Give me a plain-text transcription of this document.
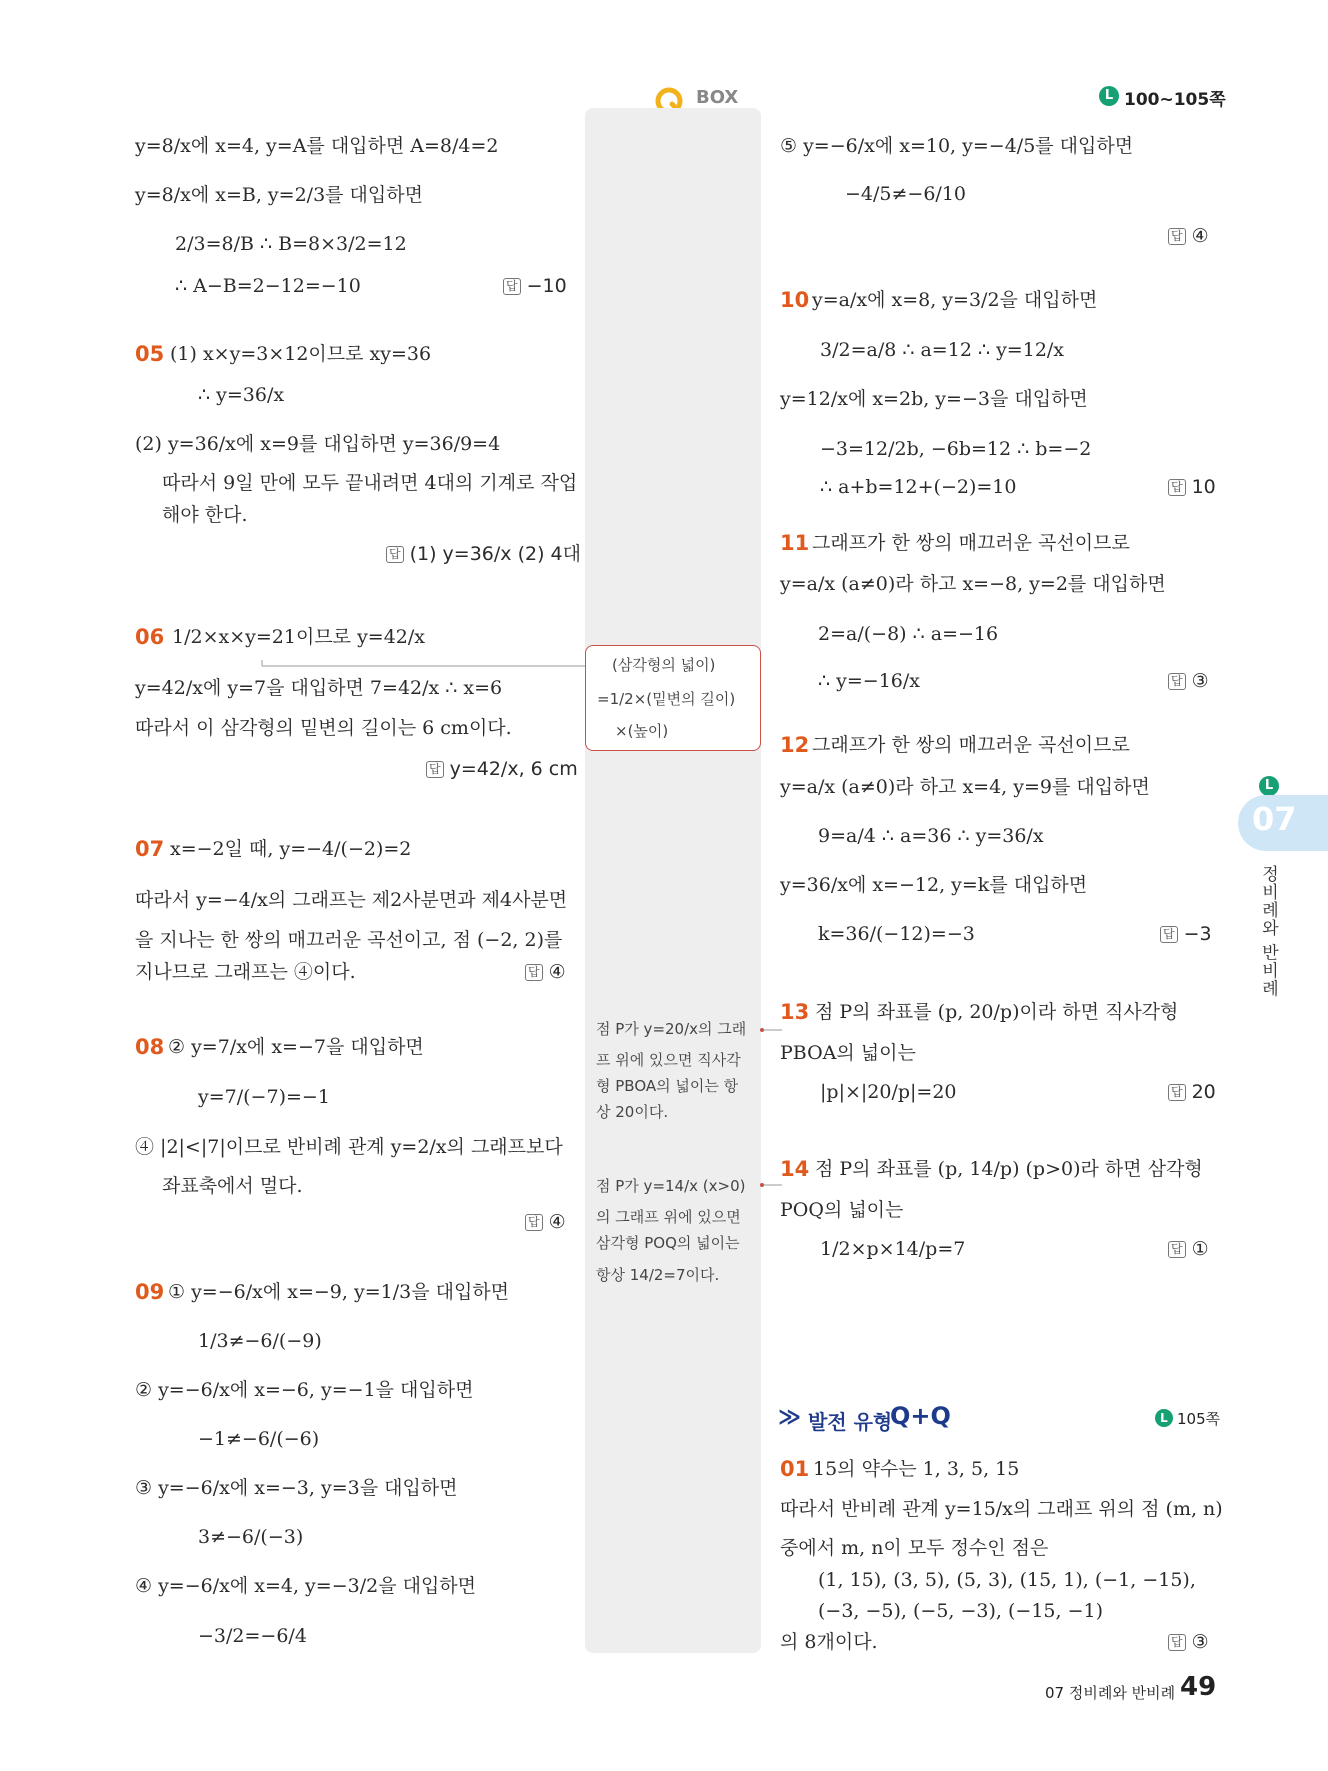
BOX	L 100~105쪽
(삼각형의 넓이)
=1/2×(밑변의 길이)
×(높이)
점 P가 y=20/x의 그래
프 위에 있으면 직사각
형 PBOA의 넓이는 항
상 20이다.
점 P가 y=14/x (x>0)
의 그래프 위에 있으면
삼각형 POQ의 넓이는
항상 14/2=7이다.
y=8/x에 x=4, y=A를 대입하면 A=8/4=2
y=8/x에 x=B, y=2/3를 대입하면
2/3=8/B ∴ B=8×3/2=12
∴ A−B=2−12=−10	답 −10
05 (1) x×y=3×12이므로 xy=36
∴ y=36/x
(2) y=36/x에 x=9를 대입하면 y=36/9=4
따라서 9일 만에 모두 끝내려면 4대의 기계로 작업
해야 한다.
답 (1) y=36/x (2) 4대
06 1/2×x×y=21이므로 y=42/x
y=42/x에 y=7을 대입하면 7=42/x ∴ x=6
따라서 이 삼각형의 밑변의 길이는 6 cm이다.
답 y=42/x, 6 cm
07 x=−2일 때, y=−4/(−2)=2
따라서 y=−4/x의 그래프는 제2사분면과 제4사분면
을 지나는 한 쌍의 매끄러운 곡선이고, 점 (−2, 2)를
지나므로 그래프는 ④이다.	답 ④
08 ② y=7/x에 x=−7을 대입하면
y=7/(−7)=−1
④ |2|<|7|이므로 반비례 관계 y=2/x의 그래프보다
좌표축에서 멀다.
답 ④
09 ① y=−6/x에 x=−9, y=1/3을 대입하면
1/3≠−6/(−9)
② y=−6/x에 x=−6, y=−1을 대입하면
−1≠−6/(−6)
③ y=−6/x에 x=−3, y=3을 대입하면
3≠−6/(−3)
④ y=−6/x에 x=4, y=−3/2을 대입하면
−3/2=−6/4
⑤ y=−6/x에 x=10, y=−4/5를 대입하면
−4/5≠−6/10
답 ④
10 y=a/x에 x=8, y=3/2을 대입하면
3/2=a/8 ∴ a=12 ∴ y=12/x
y=12/x에 x=2b, y=−3을 대입하면
−3=12/2b, −6b=12 ∴ b=−2
∴ a+b=12+(−2)=10	답 10
11 그래프가 한 쌍의 매끄러운 곡선이므로
y=a/x (a≠0)라 하고 x=−8, y=2를 대입하면
2=a/(−8) ∴ a=−16
∴ y=−16/x	답 ③
12 그래프가 한 쌍의 매끄러운 곡선이므로
y=a/x (a≠0)라 하고 x=4, y=9를 대입하면
9=a/4 ∴ a=36 ∴ y=36/x
y=36/x에 x=−12, y=k를 대입하면
k=36/(−12)=−3	답 −3
13 점 P의 좌표를 (p, 20/p)이라 하면 직사각형
PBOA의 넓이는
|p|×|20/p|=20	답 20
14 점 P의 좌표를 (p, 14/p) (p>0)라 하면 삼각형
POQ의 넓이는
1/2×p×14/p=7	답 ①
≫ 발전 유형
Q+Q	L 105쪽
01 15의 약수는 1, 3, 5, 15
따라서 반비례 관계 y=15/x의 그래프 위의 점 (m, n)
중에서 m, n이 모두 정수인 점은
(1, 15), (3, 5), (5, 3), (15, 1), (−1, −15),
(−3, −5), (−5, −3), (−15, −1)
의 8개이다.	답 ③
L
07
정비례와 반비례
07 정비례와 반비례 49
